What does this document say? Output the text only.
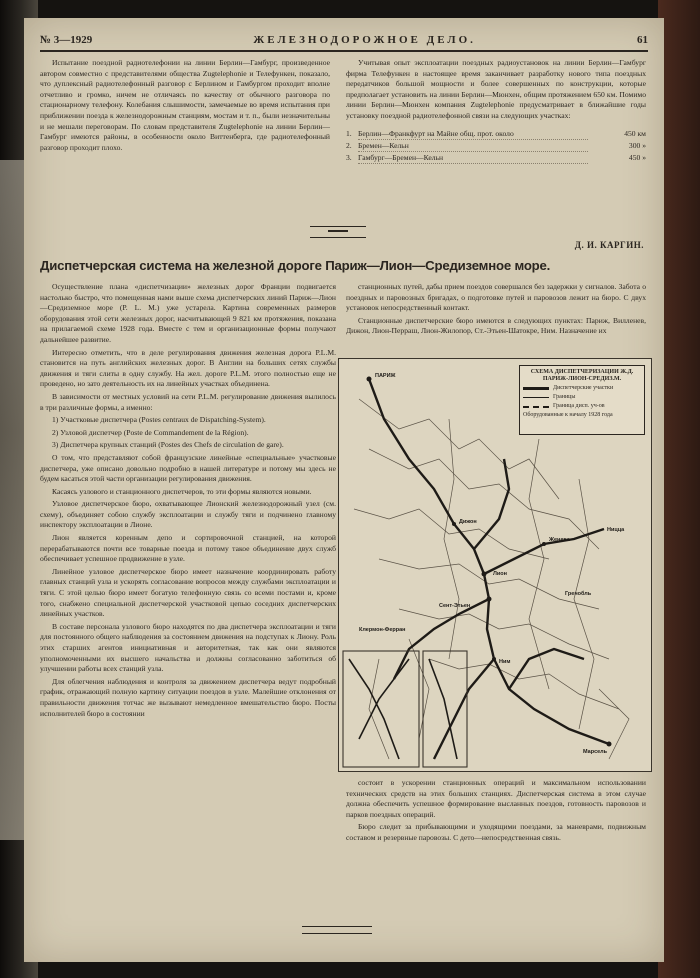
№ 3—1929	ЖЕЛЕЗНОДОРОЖНОЕ ДЕЛО.	61

Испытание поездной радиотелефонии на линии Берлин—Гамбург, произведенное автором совместно с представителями общества Zugtelephonie и Телефункен, показало, что дуплексный радиотелефонный разговор с Берлином и Гамбургом проходит вполне отчетливо и громко, ничем не отличаясь по качеству от обычного разговора по стационарному телефону. Колебания слышимости, замечаемые во время испытания при приближении поезда к железнодорожным станциям, мостам и т. п., были незначительны и не мешали переговорам. По словам представителя Zugtelephonie на линии Берлин—Гамбург имеются районы, в особенности около Виттенберга, где радиотелефонный разговор проходит плохо.

Учитывая опыт эксплоатации поездных радиоустановок на линии Берлин—Гамбург фирма Телефункен в настоящее время заканчивает разработку нового типа поездных передатчиков большой мощности и более совершенных по конструкции, которые предполагает установить на линии Берлин—Мюнхен, общим протяжением 650 км. Помимо линии Берлин—Мюнхен компания Zugtelephonie предусматривает в ближайшие годы установку поездной радиотелефонной связи на следующих участках:

1. Берлин—Франкфурт на Майне общ. прот. около	450 км
2. Бремен—Кельн	300 »
3. Гамбург—Бремен—Кельн	450 »
Д. И. КАРГИН.
Диспетчерская система на железной дороге Париж—Лион—Средиземное море.

Осуществление плана «диспетчизации» железных дорог Франции подвигается настолько быстро, что помещенная нами выше схема диспетчерских линий Париж—Лион—Средиземное море (P. L. M.) уже устарела. Картина современных размеров оборудования этой сети железных дорог, насчитывающей 9 821 км протяжения, показана на прилагаемой схеме 1928 года. Вместе с тем и организационные формы получают дальнейшее развитие.

Интересно отметить, что в деле регулирования движения железная дорога P.L.M. становится на путь английских железных дорог. В Англии на больших сетях службы движения и тяги слиты в одну службу. На жел. дороге P.L.M. этого полностью еще не проведено, но зато деятельность их на линейных участках объединена.

В зависимости от местных условий на сети P.L.M. регулирование движения вылилось в три различные формы, а именно:

1) Участковые диспетчера (Postes centraux de Dispatching-System).

2) Узловой диспетчер (Poste de Commandement de la Région).

3) Диспетчера крупных станций (Postes des Chefs de circulation de gare).

О том, что представляют собой французские линейные «специальные» участковые диспетчера, уже описано довольно подробно в нашей литературе и потому мы здесь не будем касаться этой части организации регулирования движения.

Касаясь узлового и станционного диспетчеров, то эти формы являются новыми.

Узловое диспетчерское бюро, охватывающее Лионский железнодорожный узел (см. схему), объединяет собою службу эксплоатации и службу тяги и подчинено главному инспектору эксплоатации в Лионе.

Лион является коренным депо и сортировочной станцией, на которой перерабатываются почти все товарные поезда и потому такое объединение двух служб обеспечивает успешное продвижение в узле.

Линейное узловое диспетчерское бюро имеет назначение координировать работу главных станций узла и ускорять согласование вопросов между службами эксплоатации и тяги. С этой целью бюро имеет богатую телефонную связь со всеми постами и, кроме того, снабжено специальной диспетчерской участковой цепью соседних диспетчерских линейных участков.

В составе персонала узлового бюро находятся по два диспетчера эксплоатации и тяги для постоянного общего наблюдения за состоянием движения на подступах к Лиону. Роль этих старших агентов инициативная и авторитетная, так как они являются уполномоченными их высшего начальства и должны согласованно заботиться об улучшении работы всех станций узла.

Для облегчения наблюдения и контроля за движением диспетчера ведут подробный график, отражающий полную картину ситуации поездов в узле. Малейшие отклонения от правильности движения тотчас же вызывают немедленное вмешательство бюро. Посты исполнителей бюро в состоянии

станционных путей, дабы прием поездов совершался без задержки у сигналов. Забота о поездных и паровозных бригадах, о подготовке путей и паровозов лежит на бюро. С двух установок непосредственный контакт.

Станционные диспетчерские бюро имеются в следующих пунктах: Париж, Вилленев, Дижон, Лион-Перраш, Лион-Жилопор, Ст.-Этьен-Шатокре, Ним. Назначение их

СХЕМА ДИСПЕТЧЕРИЗАЦИИ Ж.Д. ПАРИЖ-ЛИОН-СРЕДИЗ.М.
Диспетчерские участки
Границы
Граница дисп. уч-ов
Оборудованные к началу 1928 года
ПАРИЖ
Лион
Марсель
Ницца
Дижон
Клермон-Ферран
Женева
Ним
Сент-Этьен
Гренобль

состоит в ускорении станционных операций и максимальном использовании технических средств на этих больших станциях. Диспетчерская система в этом случае должна обеспечить успешное формирование высланных поездов, готовность паровозов и парков поездных операций.

Бюро следит за прибывающими и уходящими поездами, за маневрами, подвижным составом и резервные паровозы. С дето—непосредственная связь.
